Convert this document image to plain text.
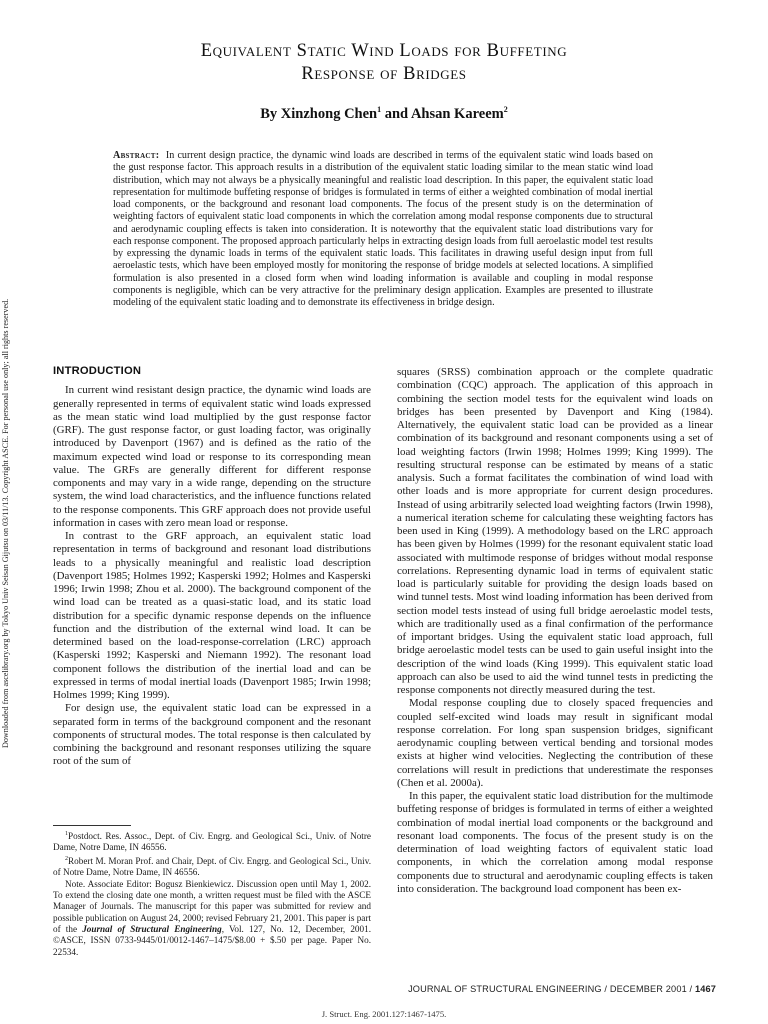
Downloaded from ascelibrary.org by Tokyo Univ Seisan Gijutsu on 03/11/13. Copyright ASCE. For personal use only; all rights reserved.
Equivalent Static Wind Loads for Buffeting
Response of Bridges
By Xinzhong Chen$^1$ and Ahsan Kareem$^2$
Abstract: In current design practice, the dynamic wind loads are described in terms of the equivalent static wind loads based on the gust response factor. This approach results in a distribution of the equivalent static loading similar to the mean static wind load distribution, which may not always be a physically meaningful and realistic load description. In this paper, the equivalent static load representation for multimode buffeting response of bridges is formulated in terms of either a weighted combination of modal inertial load components, or the background and resonant load components. The focus of the present study is on the determination of weighting factors of equivalent static load components in which the correlation among modal response components due to structural and aerodynamic coupling effects is taken into consideration. It is noteworthy that the equivalent static load distributions vary for each response component. The proposed approach particularly helps in extracting design loads from full aeroelastic model test results by expressing the dynamic loads in terms of the equivalent static loads. This facilitates in drawing useful design input from full aeroelastic tests, which have been employed mostly for monitoring the response of bridge models at selected locations. A simplified formulation is also presented in a closed form when wind loading information is available and coupling in modal response components is negligible, which can be very attractive for the preliminary design application. Examples are presented to illustrate modeling of the equivalent static loading and to demonstrate its effectiveness in bridge design.
INTRODUCTION

In current wind resistant design practice, the dynamic wind loads are generally represented in terms of equivalent static wind loads expressed as the mean static wind load multiplied by the gust response factor (GRF). The gust response factor, or gust loading factor, was originally introduced by Davenport (1967) and is defined as the ratio of the maximum expected wind load or response to its corresponding mean value. The GRFs are generally different for different response components and may vary in a wide range, depending on the structure system, the wind load characteristics, and the influence functions related to the response components. This GRF approach does not provide useful information in cases with zero mean load or response.

In contrast to the GRF approach, an equivalent static load representation in terms of background and resonant load distributions leads to a physically meaningful and realistic load description (Davenport 1985; Holmes 1992; Kasperski 1992; Holmes and Kasperski 1996; Irwin 1998; Zhou et al. 2000). The background component of the wind load can be treated as a quasi-static load, and its static load distribution for a specific dynamic response depends on the influence function and the distribution of the external wind load. It can be determined based on the load-response-correlation (LRC) approach (Kasperski 1992; Kasperski and Niemann 1992). The resonant load component follows the distribution of the inertial load and can be expressed in terms of modal inertial loads (Davenport 1985; Irwin 1998; Holmes 1999; King 1999).

For design use, the equivalent static load can be expressed in a separated form in terms of the background component and the resonant components of structural modes. The total response is then calculated by combining the background and resonant responses utilizing the square root of the sum of

$^1$Postdoct. Res. Assoc., Dept. of Civ. Engrg. and Geological Sci., Univ. of Notre Dame, Notre Dame, IN 46556.

$^2$Robert M. Moran Prof. and Chair, Dept. of Civ. Engrg. and Geological Sci., Univ. of Notre Dame, Notre Dame, IN 46556.

Note. Associate Editor: Bogusz Bienkiewicz. Discussion open until May 1, 2002. To extend the closing date one month, a written request must be filed with the ASCE Manager of Journals. The manuscript for this paper was submitted for review and possible publication on August 24, 2000; revised February 21, 2001. This paper is part of the Journal of Structural Engineering, Vol. 127, No. 12, December, 2001. ©ASCE, ISSN 0733-9445/01/0012-1467–1475/$8.00 + $.50 per page. Paper No. 22534.

squares (SRSS) combination approach or the complete quadratic combination (CQC) approach. The application of this approach in combining the section model tests for the equivalent wind loads on bridges has been presented by Davenport and King (1984). Alternatively, the equivalent static load can be provided as a linear combination of its background and resonant components using a set of load weighting factors (Irwin 1998; Holmes 1999; King 1999). The resulting structural response can be estimated by means of a static analysis. Such a format facilitates the combination of wind load with other loads and is more appropriate for current design procedures. Instead of using arbitrarily selected load weighting factors (Irwin 1998), a numerical iteration scheme for calculating these weighting factors has been used in King (1999). A methodology based on the LRC approach has been given by Holmes (1999) for the resonant equivalent static load associated with multimode response of bridges without modal response correlations. Representing dynamic load in terms of equivalent static load is particularly suitable for providing the design loads based on wind tunnel tests. Most wind loading information has been derived from section model tests instead of using full bridge aeroelastic model tests, which are traditionally used as a final confirmation of the performance of important bridges. Using the equivalent static load approach, full bridge aeroelastic model tests can be used to gain useful insight into the description of the wind loads (King 1999). This equivalent static load approach can also be used to aid the wind tunnel tests in predicting the response components not directly measured during the test.

Modal response coupling due to closely spaced frequencies and coupled self-excited wind loads may result in significant modal response correlation. For long span suspension bridges, significant aerodynamic coupling between vertical bending and torsional modes exists at higher wind velocities. Neglecting the contribution of these correlations will result in predictions that underestimate the responses (Chen et al. 2000a).

In this paper, the equivalent static load distribution for the multimode buffeting response of bridges is formulated in terms of either a weighted combination of modal inertial load components or the background and resonant load components. The focus of the present study is on the determination of load weighting factors of equivalent static load components, in which the correlation among modal response components due to structural and aerodynamic coupling effects is taken into consideration. The background load component has been ex-

JOURNAL OF STRUCTURAL ENGINEERING / DECEMBER 2001 / 1467
J. Struct. Eng. 2001.127:1467-1475.
